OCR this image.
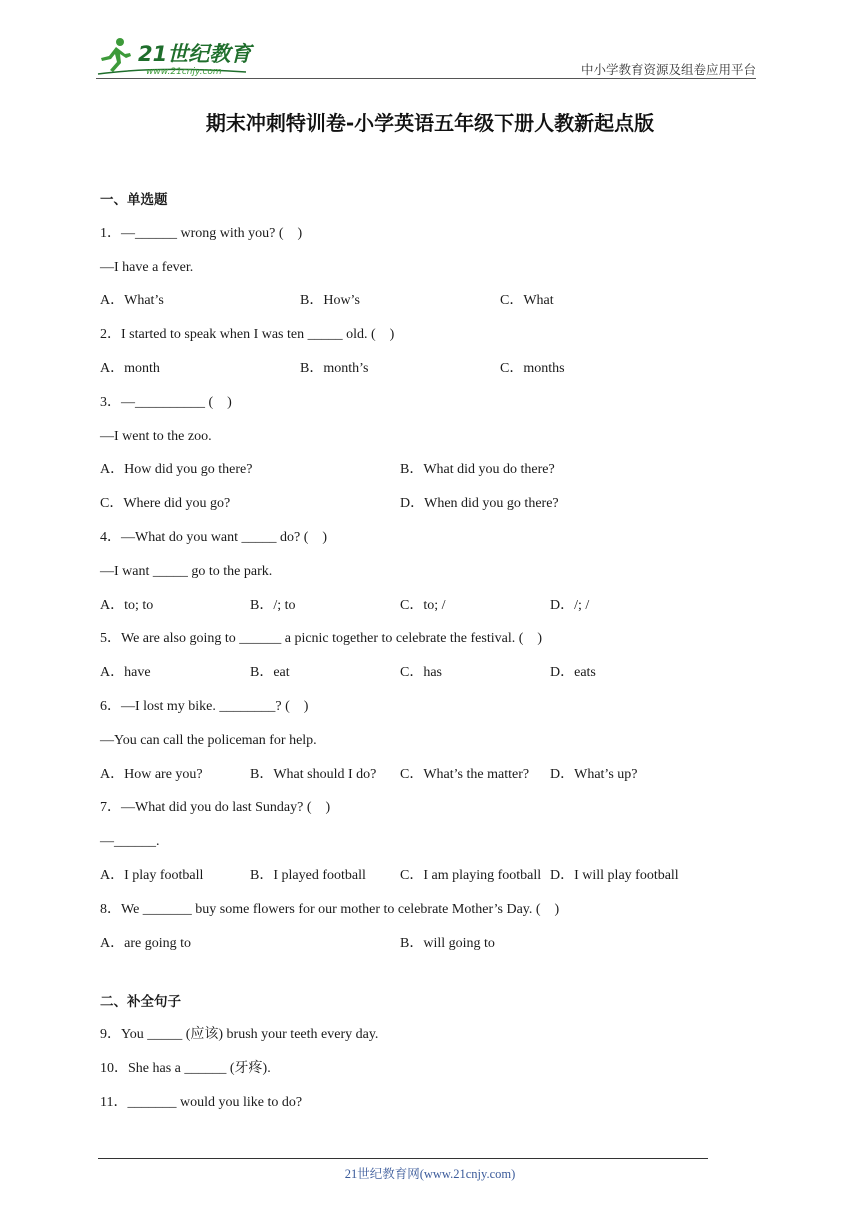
21世纪教育
www.21cnjy.com	中小学教育资源及组卷应用平台
期末冲刺特训卷-小学英语五年级下册人教新起点版
一、单选题
1．—______ wrong with you? (　)
—I have a fever.
A．What’s	B．How’s	C．What
2．I started to speak when I was ten _____ old. (　)
A．month	B．month’s	C．months
3．—__________ (　)
—I went to the zoo.
A．How did you go there?	B．What did you do there?
C．Where did you go?	D．When did you go there?
4．—What do you want _____ do? (　)
—I want _____ go to the park.
A．to; to	B．/; to	C．to; /	D．/; /
5．We are also going to ______ a picnic together to celebrate the festival. (　)
A．have	B．eat	C．has	D．eats
6．—I lost my bike. ________? (　)
—You can call the policeman for help.
A．How are you?	B．What should I do?	C．What’s the matter?	D．What’s up?
7．—What did you do last Sunday? (　)
—______.
A．I play football	B．I played football	C．I am playing football D．I will play football
8．We _______ buy some flowers for our mother to celebrate Mother’s Day. (　)
A．are going to	B．will going to
二、补全句子
9．You _____ (应该) brush your teeth every day.
10．She has a ______ (牙疼).
11．_______ would you like to do?
21世纪教育网(www.21cnjy.com)
